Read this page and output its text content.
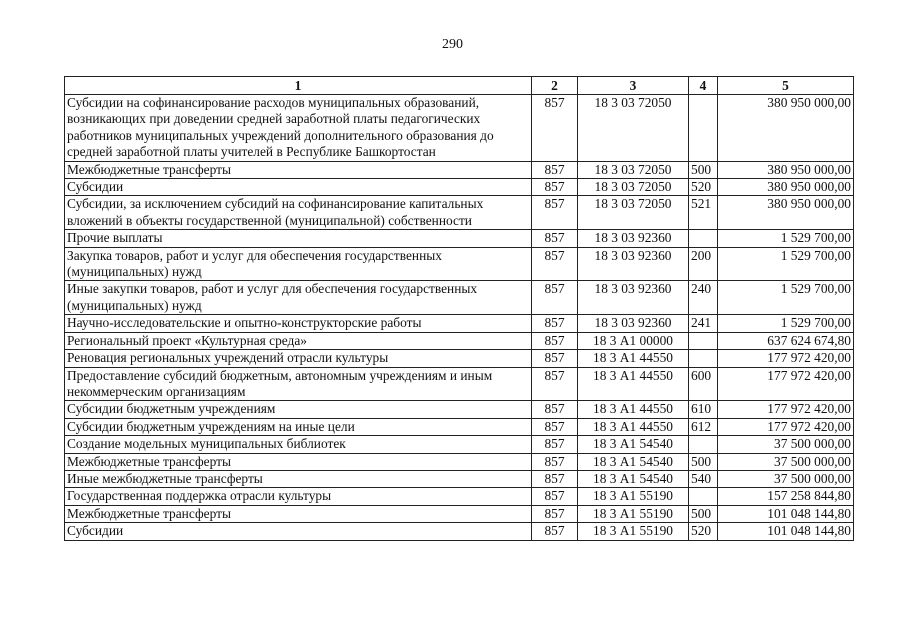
290
1	2	3	4	5
Субсидии на софинансирование расходов муниципальных образований, возникающих при доведении средней заработной платы педагогических работников муниципальных учреждений дополнительного образования до средней заработной платы учителей в Республике Башкортостан	857	18 3 03 72050		380 950 000,00
Межбюджетные трансферты	857	18 3 03 72050	500	380 950 000,00
Субсидии	857	18 3 03 72050	520	380 950 000,00
Субсидии, за исключением субсидий на софинансирование капитальных вложений в объекты государственной (муниципальной) собственности	857	18 3 03 72050	521	380 950 000,00
Прочие выплаты	857	18 3 03 92360		1 529 700,00
Закупка товаров, работ и услуг для обеспечения государственных (муниципальных) нужд	857	18 3 03 92360	200	1 529 700,00
Иные закупки товаров, работ и услуг для обеспечения государственных (муниципальных) нужд	857	18 3 03 92360	240	1 529 700,00
Научно-исследовательские и опытно-конструкторские работы	857	18 3 03 92360	241	1 529 700,00
Региональный проект «Культурная среда»	857	18 3 А1 00000		637 624 674,80
Реновация региональных учреждений отрасли культуры	857	18 3 А1 44550		177 972 420,00
Предоставление субсидий бюджетным, автономным учреждениям и иным некоммерческим организациям	857	18 3 А1 44550	600	177 972 420,00
Субсидии бюджетным учреждениям	857	18 3 А1 44550	610	177 972 420,00
Субсидии бюджетным учреждениям на иные цели	857	18 3 А1 44550	612	177 972 420,00
Создание модельных муниципальных библиотек	857	18 3 А1 54540		37 500 000,00
Межбюджетные трансферты	857	18 3 А1 54540	500	37 500 000,00
Иные межбюджетные трансферты	857	18 3 А1 54540	540	37 500 000,00
Государственная поддержка отрасли культуры	857	18 3 А1 55190		157 258 844,80
Межбюджетные трансферты	857	18 3 А1 55190	500	101 048 144,80
Субсидии	857	18 3 А1 55190	520	101 048 144,80
